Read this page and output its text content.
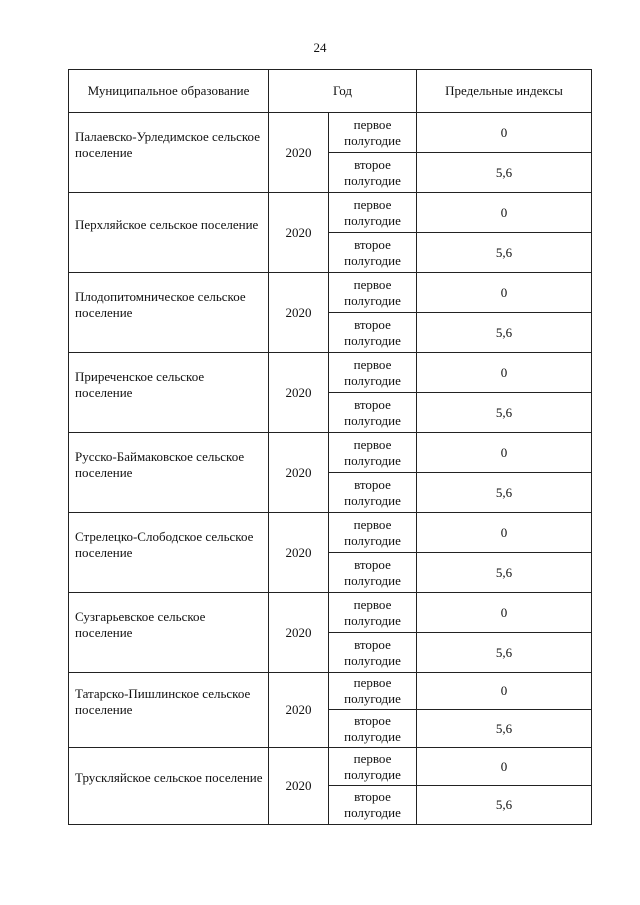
24
Муниципальное образование	Год		Предельные индексы

Палаевско-Урледимское сельское поселение	2020	первое полугодие	0
		второе полугодие	5,6

Перхляйское сельское поселение	2020	первое полугодие	0
		второе полугодие	5,6

Плодопитомническое сельское поселение	2020	первое полугодие	0
		второе полугодие	5,6

Приреченское сельское поселение	2020	первое полугодие	0
		второе полугодие	5,6

Русско-Баймаковское сельское поселение	2020	первое полугодие	0
		второе полугодие	5,6

Стрелецко-Слободское сельское поселение	2020	первое полугодие	0
		второе полугодие	5,6

Сузгарьевское сельское поселение	2020	первое полугодие	0
		второе полугодие	5,6

Татарско-Пишлинское сельское поселение	2020	первое полугодие	0
		второе полугодие	5,6

Трускляйское сельское поселение	2020	первое полугодие	0
		второе полугодие	5,6
